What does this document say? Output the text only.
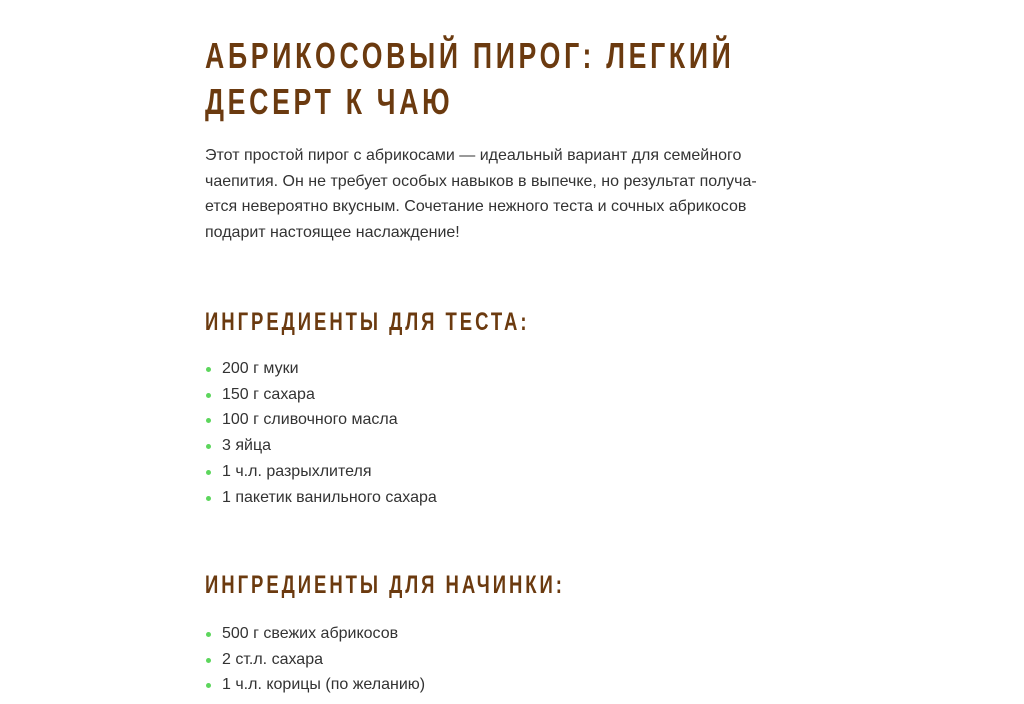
АБРИКОСОВЫЙ ПИРОГ: ЛЕГКИЙ
ДЕСЕРТ К ЧАЮ

Этот простой пирог с абрикосами — идеальный вариант для семейного
чаепития. Он не требует особых навыков в выпечке, но результат получа-
ется невероятно вкусным. Сочетание нежного теста и сочных абрикосов
подарит настоящее наслаждение!

ИНГРЕДИЕНТЫ ДЛЯ ТЕСТА:
200 г муки
150 г сахара
100 г сливочного масла
3 яйца
1 ч.л. разрыхлителя
1 пакетик ванильного сахара
ИНГРЕДИЕНТЫ ДЛЯ НАЧИНКИ:
500 г свежих абрикосов
2 ст.л. сахара
1 ч.л. корицы (по желанию)
